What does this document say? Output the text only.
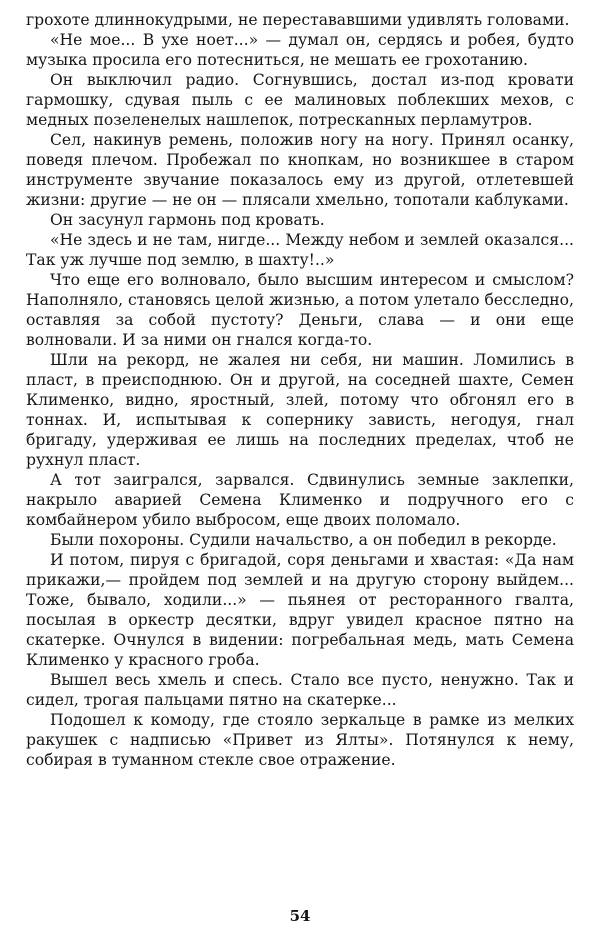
грохоте длиннокудрыми, не перестававшими удивлять головами.

«Не мое... В ухе ноет...» — думал он, сердясь и робея, будто музыка просила его потесниться, не мешать ее грохотанию.

Он выключил радио. Согнувшись, достал из-под кровати гармошку, сдувая пыль с ее малиновых поблекших мехов, с медных позеленелых нашлепок, потрескanных перламутров.

Сел, накинув ремень, положив ногу на ногу. Принял осанку, поведя плечом. Пробежал по кнопкам, но возникшее в старом инструменте звучание показалось ему из другой, отлетевшей жизни: другие — не он — плясали хмельно, топотали каблуками.

Он засунул гармонь под кровать.

«Не здесь и не там, нигде... Между небом и землей оказался... Так уж лучше под землю, в шахту!..»

Что еще его волновало, было высшим интересом и смыслом? Наполняло, становясь целой жизнью, а потом улетало бесследно, оставляя за собой пустоту? Деньги, слава — и они еще волновали. И за ними он гнался когда-то.

Шли на рекорд, не жалея ни себя, ни машин. Ломились в пласт, в преисподнюю. Он и другой, на соседней шахте, Семен Клименко, видно, яростный, злей, потому что обгонял его в тоннах. И, испытывая к сопернику зависть, негодуя, гнал бригаду, удерживая ее лишь на последних пределах, чтоб не рухнул пласт.

А тот заигрался, зарвался. Сдвинулись земные заклепки, накрыло аварией Семена Клименко и подручного его с комбайнером убило выбросом, еще двоих поломало.

Были похороны. Судили начальство, а он победил в рекорде.

И потом, пируя с бригадой, соря деньгами и хвастая: «Да нам прикажи,— пройдем под землей и на другую сторону выйдем... Тоже, бывало, ходили...» — пьянея от ресторанного гвалта, посылая в оркестр десятки, вдруг увидел красное пятно на скатерке. Очнулся в видении: погребальная медь, мать Семена Клименко у красного гроба.

Вышел весь хмель и спесь. Стало все пусто, ненужно. Так и сидел, трогая пальцами пятно на скатерке...

Подошел к комоду, где стояло зеркальце в рамке из мелких ракушек с надписью «Привет из Ялты». Потянулся к нему, собирая в туманном стекле свое отражение.

54
